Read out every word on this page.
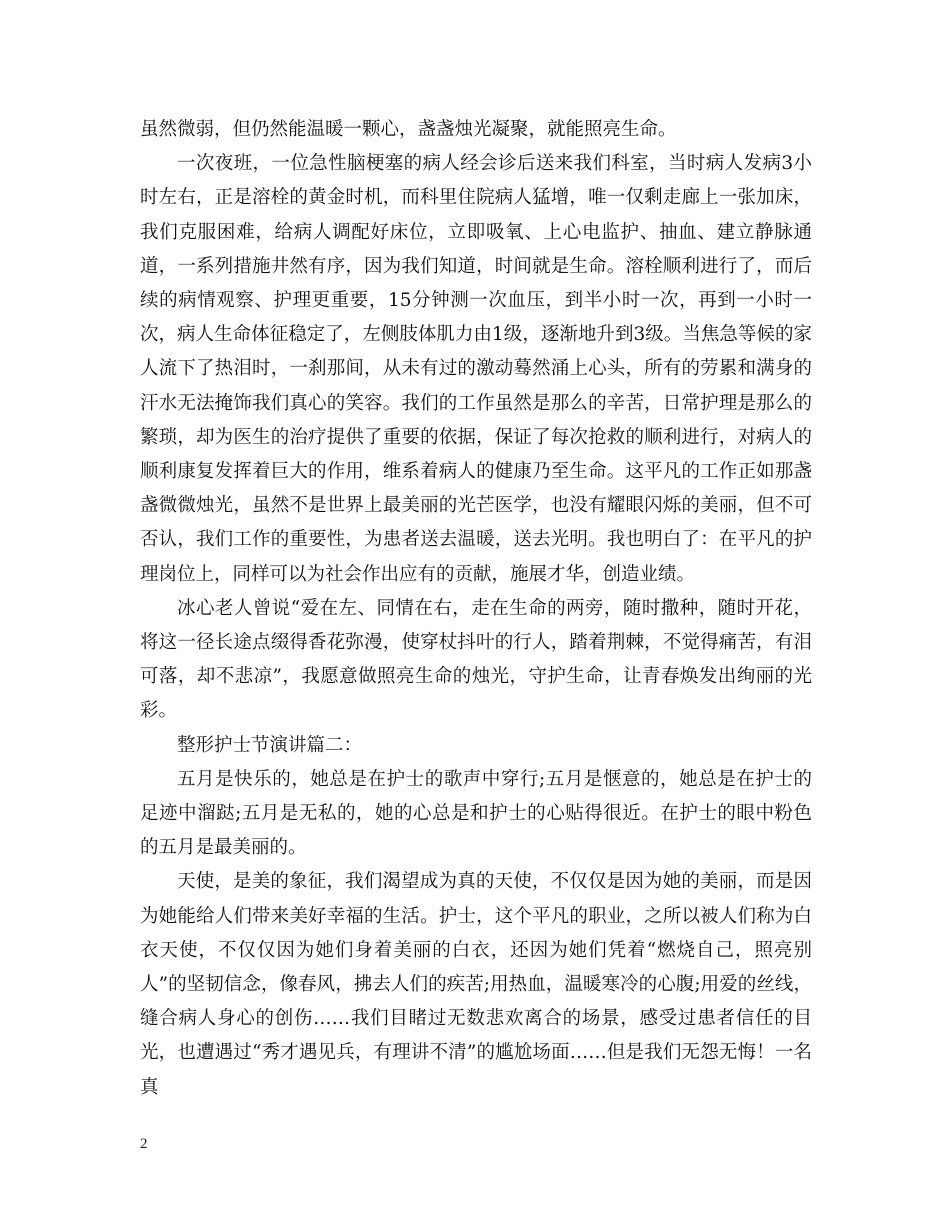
虽然微弱，但仍然能温暖一颗心，盏盏烛光凝聚，就能照亮生命。

一次夜班，一位急性脑梗塞的病人经会诊后送来我们科室，当时病人发病3小时左右，正是溶栓的黄金时机，而科里住院病人猛增，唯一仅剩走廊上一张加床，我们克服困难，给病人调配好床位，立即吸氧、上心电监护、抽血、建立静脉通道，一系列措施井然有序，因为我们知道，时间就是生命。溶栓顺利进行了，而后续的病情观察、护理更重要，15分钟测一次血压，到半小时一次，再到一小时一次，病人生命体征稳定了，左侧肢体肌力由1级，逐渐地升到3级。当焦急等候的家人流下了热泪时，一刹那间，从未有过的激动蓦然涌上心头，所有的劳累和满身的汗水无法掩饰我们真心的笑容。我们的工作虽然是那么的辛苦，日常护理是那么的繁琐，却为医生的治疗提供了重要的依据，保证了每次抢救的顺利进行，对病人的顺利康复发挥着巨大的作用，维系着病人的健康乃至生命。这平凡的工作正如那盏盏微微烛光，虽然不是世界上最美丽的光芒医学，也没有耀眼闪烁的美丽，但不可否认，我们工作的重要性，为患者送去温暖，送去光明。我也明白了：在平凡的护理岗位上，同样可以为社会作出应有的贡献，施展才华，创造业绩。

冰心老人曾说“爱在左、同情在右，走在生命的两旁，随时撒种，随时开花，将这一径长途点缀得香花弥漫，使穿杖抖叶的行人，踏着荆棘，不觉得痛苦，有泪可落，却不悲凉”，我愿意做照亮生命的烛光，守护生命，让青春焕发出绚丽的光彩。

整形护士节演讲篇二：

五月是快乐的，她总是在护士的歌声中穿行;五月是惬意的，她总是在护士的足迹中溜跶;五月是无私的，她的心总是和护士的心贴得很近。在护士的眼中粉色的五月是最美丽的。

天使，是美的象征，我们渴望成为真的天使，不仅仅是因为她的美丽，而是因为她能给人们带来美好幸福的生活。护士，这个平凡的职业，之所以被人们称为白衣天使，不仅仅因为她们身着美丽的白衣，还因为她们凭着“燃烧自己，照亮别人”的坚韧信念，像春风，拂去人们的疾苦;用热血，温暖寒冷的心腹;用爱的丝线，缝合病人身心的创伤……我们目睹过无数悲欢离合的场景，感受过患者信任的目光，也遭遇过“秀才遇见兵，有理讲不清”的尴尬场面……但是我们无怨无悔！一名真

2
